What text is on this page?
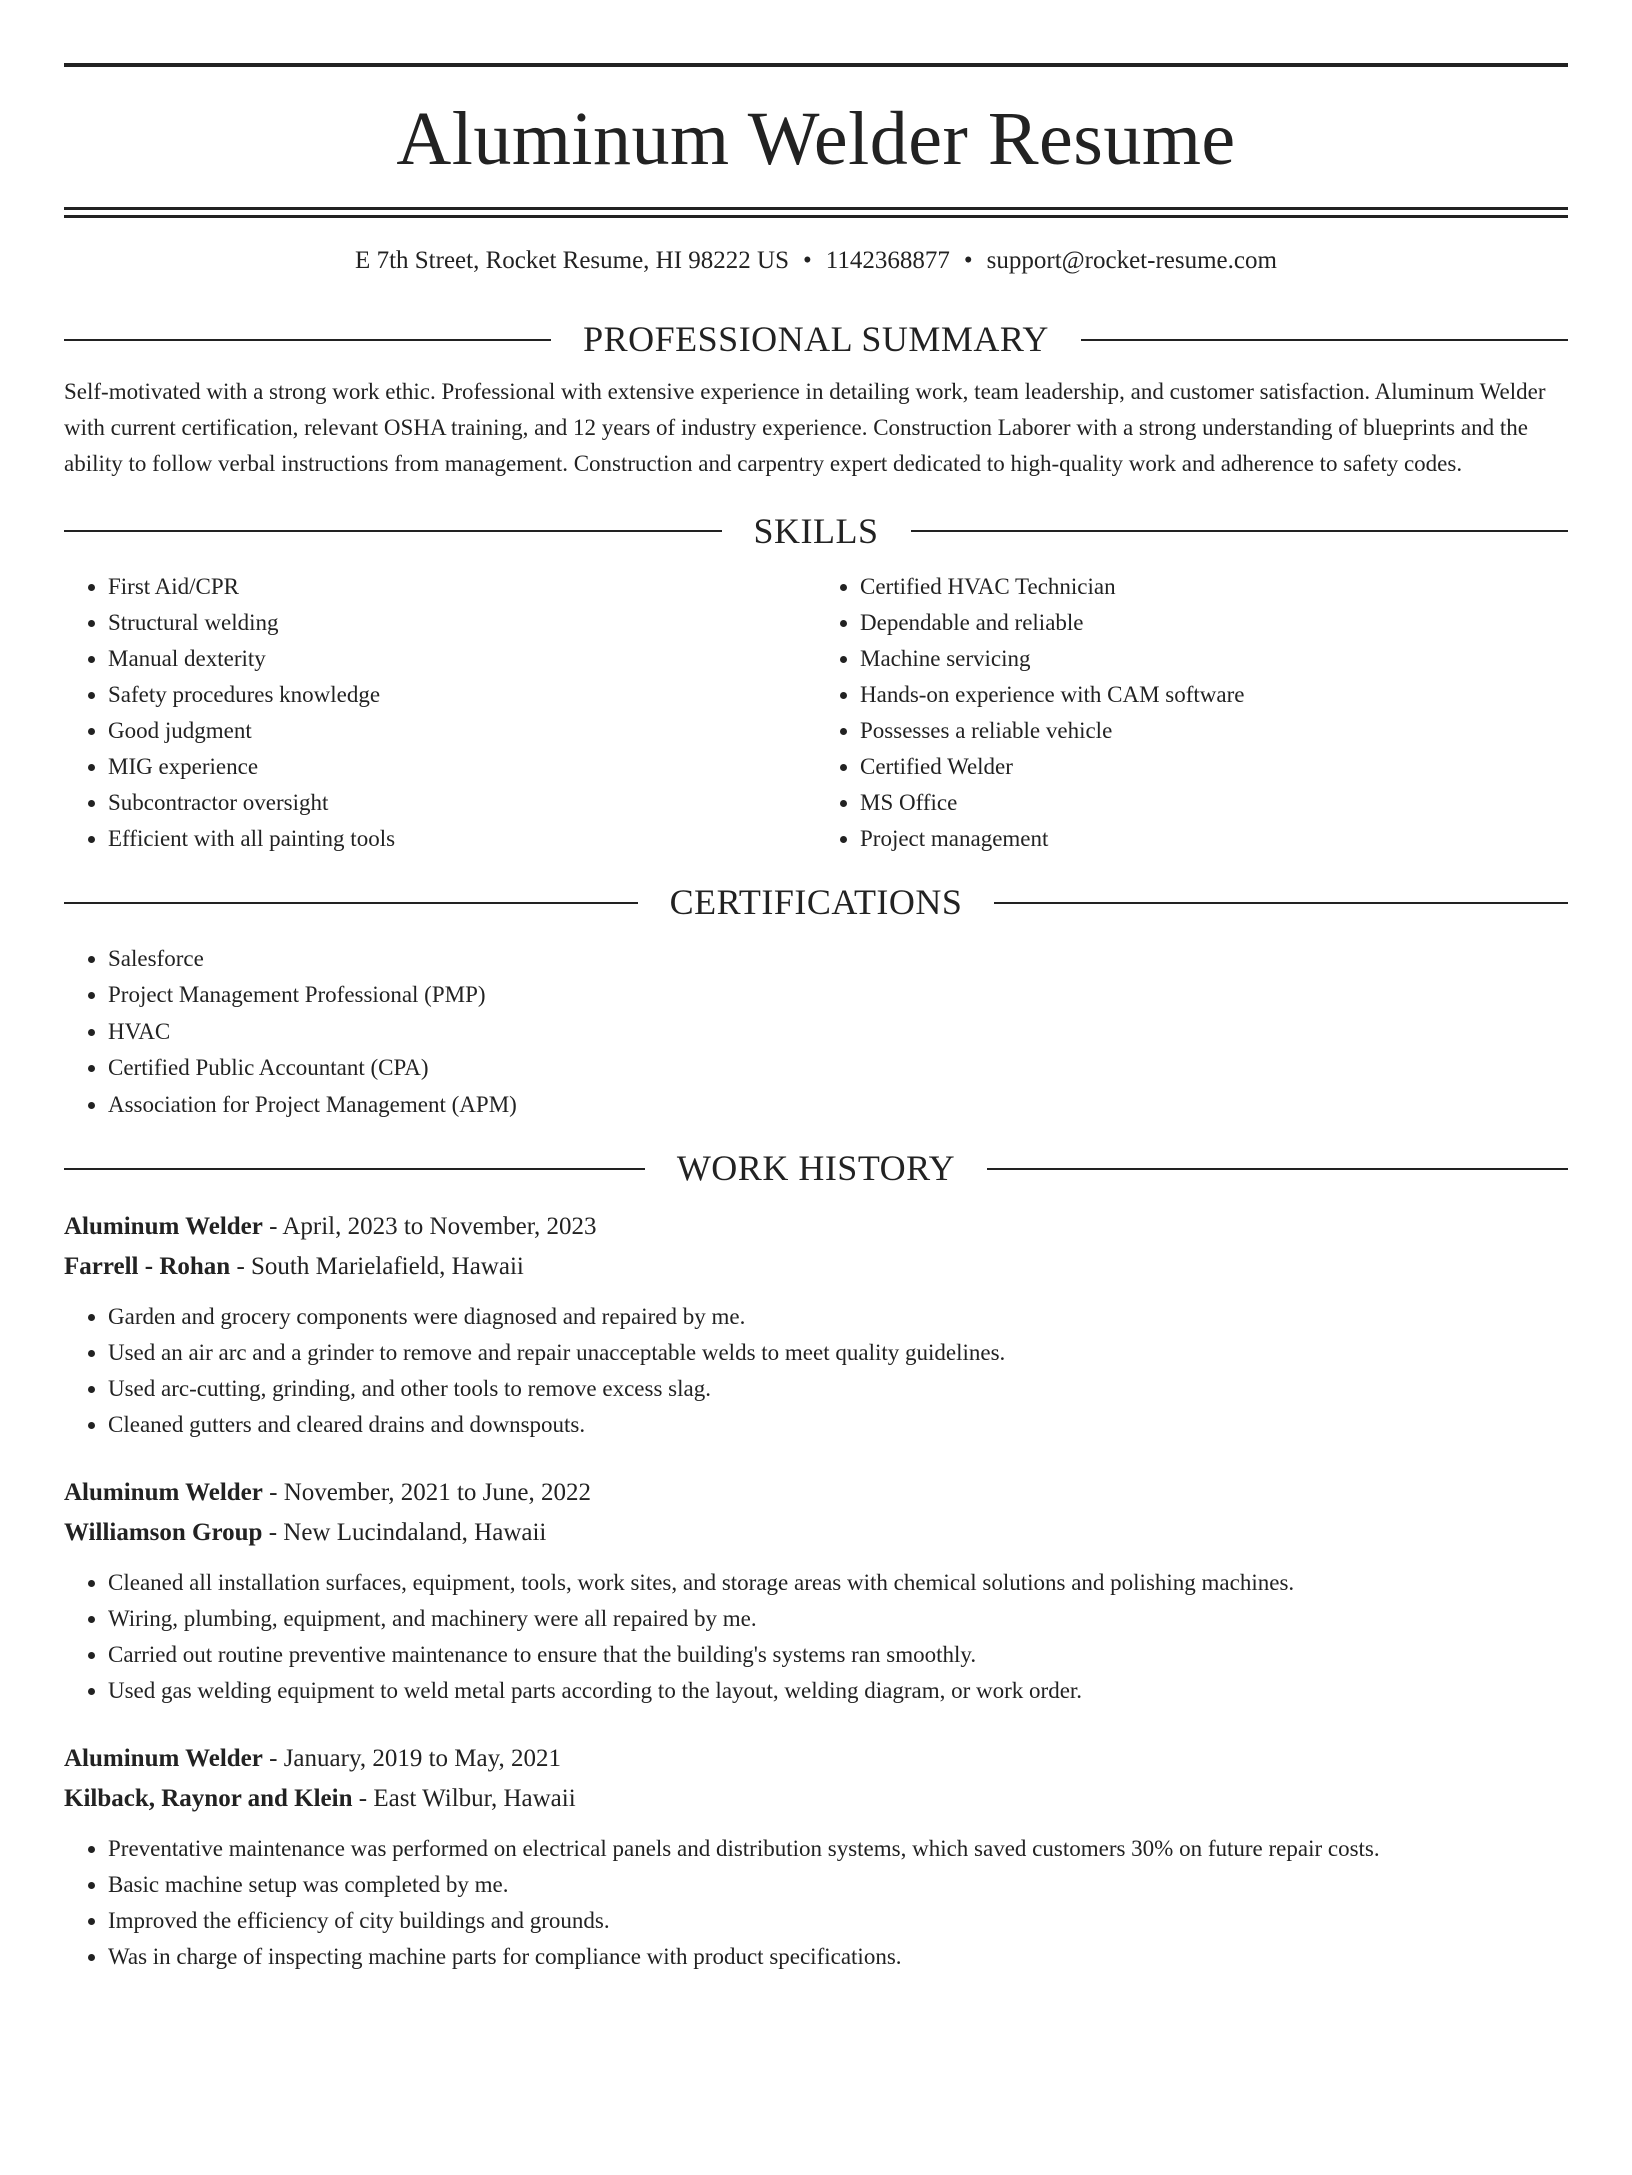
Aluminum Welder Resume
E 7th Street, Rocket Resume, HI 98222 US • 1142368877 • support@rocket-resume.com
PROFESSIONAL SUMMARY

Self-motivated with a strong work ethic. Professional with extensive experience in detailing work, team leadership, and customer satisfaction. Aluminum Welder with current certification, relevant OSHA training, and 12 years of industry experience. Construction Laborer with a strong understanding of blueprints and the ability to follow verbal instructions from management. Construction and carpentry expert dedicated to high-quality work and adherence to safety codes.

SKILLS
• First Aid/CPR
• Structural welding
• Manual dexterity
• Safety procedures knowledge
• Good judgment
• MIG experience
• Subcontractor oversight
• Efficient with all painting tools
• Certified HVAC Technician
• Dependable and reliable
• Machine servicing
• Hands-on experience with CAM software
• Possesses a reliable vehicle
• Certified Welder
• MS Office
• Project management
CERTIFICATIONS
• Salesforce
• Project Management Professional (PMP)
• HVAC
• Certified Public Accountant (CPA)
• Association for Project Management (APM)
WORK HISTORY
Aluminum Welder - April, 2023 to November, 2023
Farrell - Rohan - South Marielafield, Hawaii
• Garden and grocery components were diagnosed and repaired by me.
• Used an air arc and a grinder to remove and repair unacceptable welds to meet quality guidelines.
• Used arc-cutting, grinding, and other tools to remove excess slag.
• Cleaned gutters and cleared drains and downspouts.
Aluminum Welder - November, 2021 to June, 2022
Williamson Group - New Lucindaland, Hawaii
• Cleaned all installation surfaces, equipment, tools, work sites, and storage areas with chemical solutions and polishing machines.
• Wiring, plumbing, equipment, and machinery were all repaired by me.
• Carried out routine preventive maintenance to ensure that the building's systems ran smoothly.
• Used gas welding equipment to weld metal parts according to the layout, welding diagram, or work order.
Aluminum Welder - January, 2019 to May, 2021
Kilback, Raynor and Klein - East Wilbur, Hawaii
• Preventative maintenance was performed on electrical panels and distribution systems, which saved customers 30% on future repair costs.
• Basic machine setup was completed by me.
• Improved the efficiency of city buildings and grounds.
• Was in charge of inspecting machine parts for compliance with product specifications.
